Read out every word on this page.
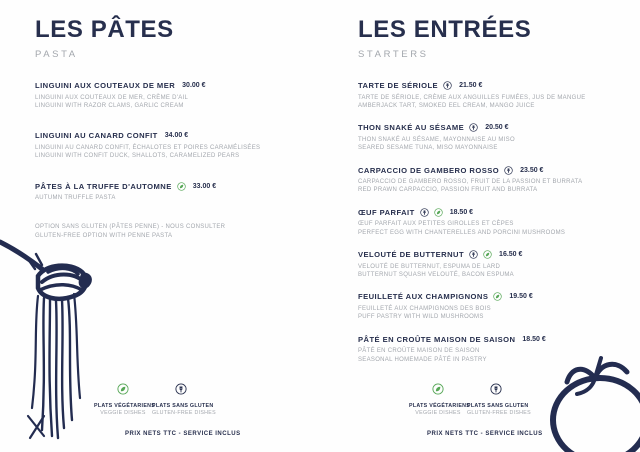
LES PÂTES
PASTA
LINGUINI AUX COUTEAUX DE MER 30.00 €
LINGUINI AUX COUTEAUX DE MER, CRÈME D'AIL
LINGUINI WITH RAZOR CLAMS, GARLIC CREAM
LINGUINI AU CANARD CONFIT 34.00 €
LINGUINI AU CANARD CONFIT, ÉCHALOTES ET POIRES CARAMÉLISÉES
LINGUINI WITH CONFIT DUCK, SHALLOTS, CARAMELIZED PEARS
PÂTES À LA TRUFFE D'AUTOMNE	33.00 €
AUTUMN TRUFFLE PASTA
OPTION SANS GLUTEN (PÂTES PENNE) - NOUS CONSULTER
GLUTEN-FREE OPTION WITH PENNE PASTA
PLATS VÉGÉTARIENS
VEGGIE DISHES
PLATS SANS GLUTEN
GLUTEN-FREE DISHES
PRIX NETS TTC - SERVICE INCLUS
LES ENTRÉES
STARTERS
TARTE DE SÉRIOLE	21.50 €
TARTE DE SÉRIOLE, CRÈME AUX ANGUILLES FUMÉES, JUS DE MANGUE
AMBERJACK TART, SMOKED EEL CREAM, MANGO JUICE
THON SNAKÉ AU SÉSAME	20.50 €
THON SNAKÉ AU SÉSAME, MAYONNAISE AU MISO
SEARED SESAME TUNA, MISO MAYONNAISE
CARPACCIO DE GAMBERO ROSSO	23.50 €
CARPACCIO DE GAMBERO ROSSO, FRUIT DE LA PASSION ET BURRATA
RED PRAWN CARPACCIO, PASSION FRUIT AND BURRATA
ŒUF PARFAIT	18.50 €
ŒUF PARFAIT AUX PETITES GIROLLES ET CÈPES
PERFECT EGG WITH CHANTERELLES AND PORCINI MUSHROOMS
VELOUTÉ DE BUTTERNUT	16.50 €
VELOUTÉ DE BUTTERNUT, ESPUMA DE LARD
BUTTERNUT SQUASH VELOUTÉ, BACON ESPUMA
FEUILLETÉ AUX CHAMPIGNONS	19.50 €
FEUILLETÉ AUX CHAMPIGNONS DES BOIS
PUFF PASTRY WITH WILD MUSHROOMS
PÂTÉ EN CROÛTE MAISON DE SAISON 18.50 €
PÂTÉ EN CROÛTE MAISON DE SAISON
SEASONAL HOMEMADE PÂTÉ IN PASTRY
PLATS VÉGÉTARIENS
VEGGIE DISHES
PLATS SANS GLUTEN
GLUTEN-FREE DISHES
PRIX NETS TTC - SERVICE INCLUS
